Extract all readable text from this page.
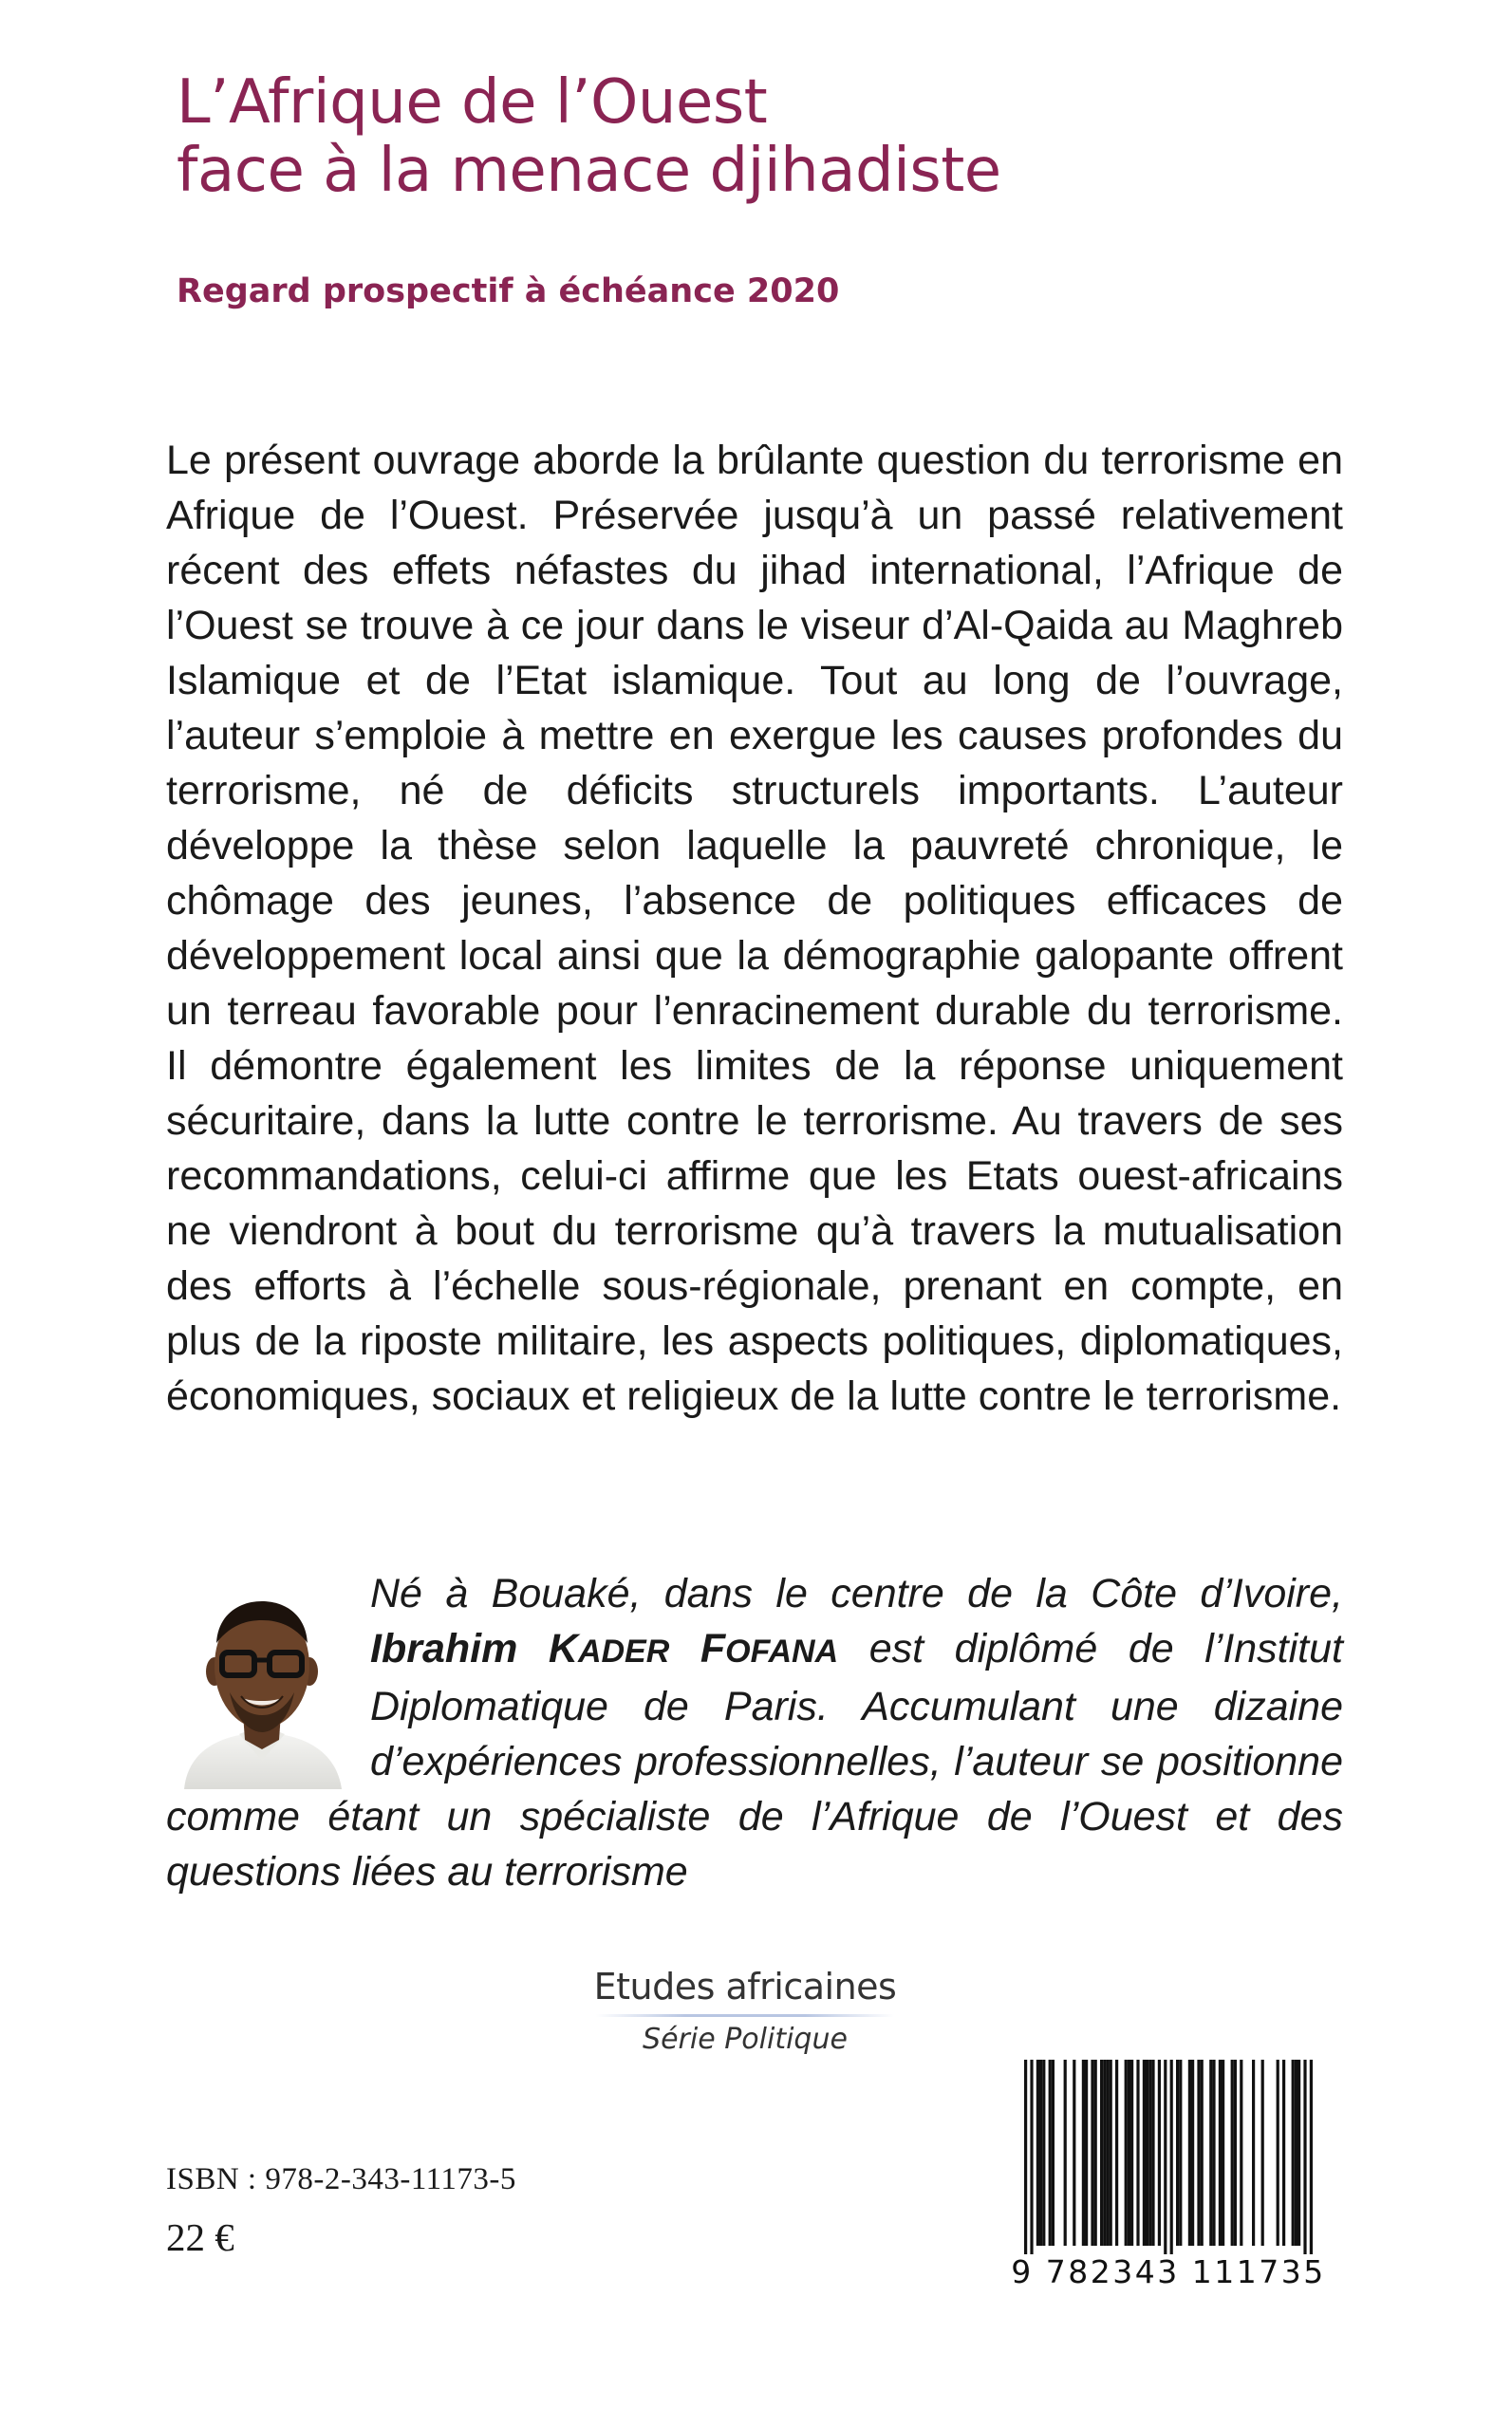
L’Afrique de l’Ouest
face à la menace djihadiste
Regard prospectif à échéance 2020

Le présent ouvrage aborde la brûlante question du terrorisme en Afrique de l’Ouest. Préservée jusqu’à un passé relativement récent des effets néfastes du jihad international, l’Afrique de l’Ouest se trouve à ce jour dans le viseur d’Al-Qaida au Maghreb Islamique et de l’Etat islamique. Tout au long de l’ouvrage, l’auteur s’emploie à mettre en exergue les causes profondes du terrorisme, né de déficits structurels importants. L’auteur développe la thèse selon laquelle la pauvreté chronique, le chômage des jeunes, l’absence de politiques efficaces de développement local ainsi que la démographie galopante offrent un terreau favorable pour l’enracinement durable du terrorisme. Il démontre également les limites de la réponse uniquement sécuritaire, dans la lutte contre le terrorisme. Au travers de ses recommandations, celui-ci affirme que les Etats ouest-africains ne viendront à bout du terrorisme qu’à travers la mutualisation des efforts à l’échelle sous-régionale, prenant en compte, en plus de la riposte militaire, les aspects politiques, diplomatiques, économiques, sociaux et religieux de la lutte contre le terrorisme.

Né à Bouaké, dans le centre de la Côte d’Ivoire, Ibrahim KADER FOFANA est diplômé de l’Institut Diplomatique de Paris. Accumulant une dizaine d’expériences professionnelles, l’auteur se positionne comme étant un spécialiste de l’Afrique de l’Ouest et des questions liées au terrorisme

Etudes africaines
Série Politique
ISBN : 978-2-343-11173-5
22 €
9 782343 111735
